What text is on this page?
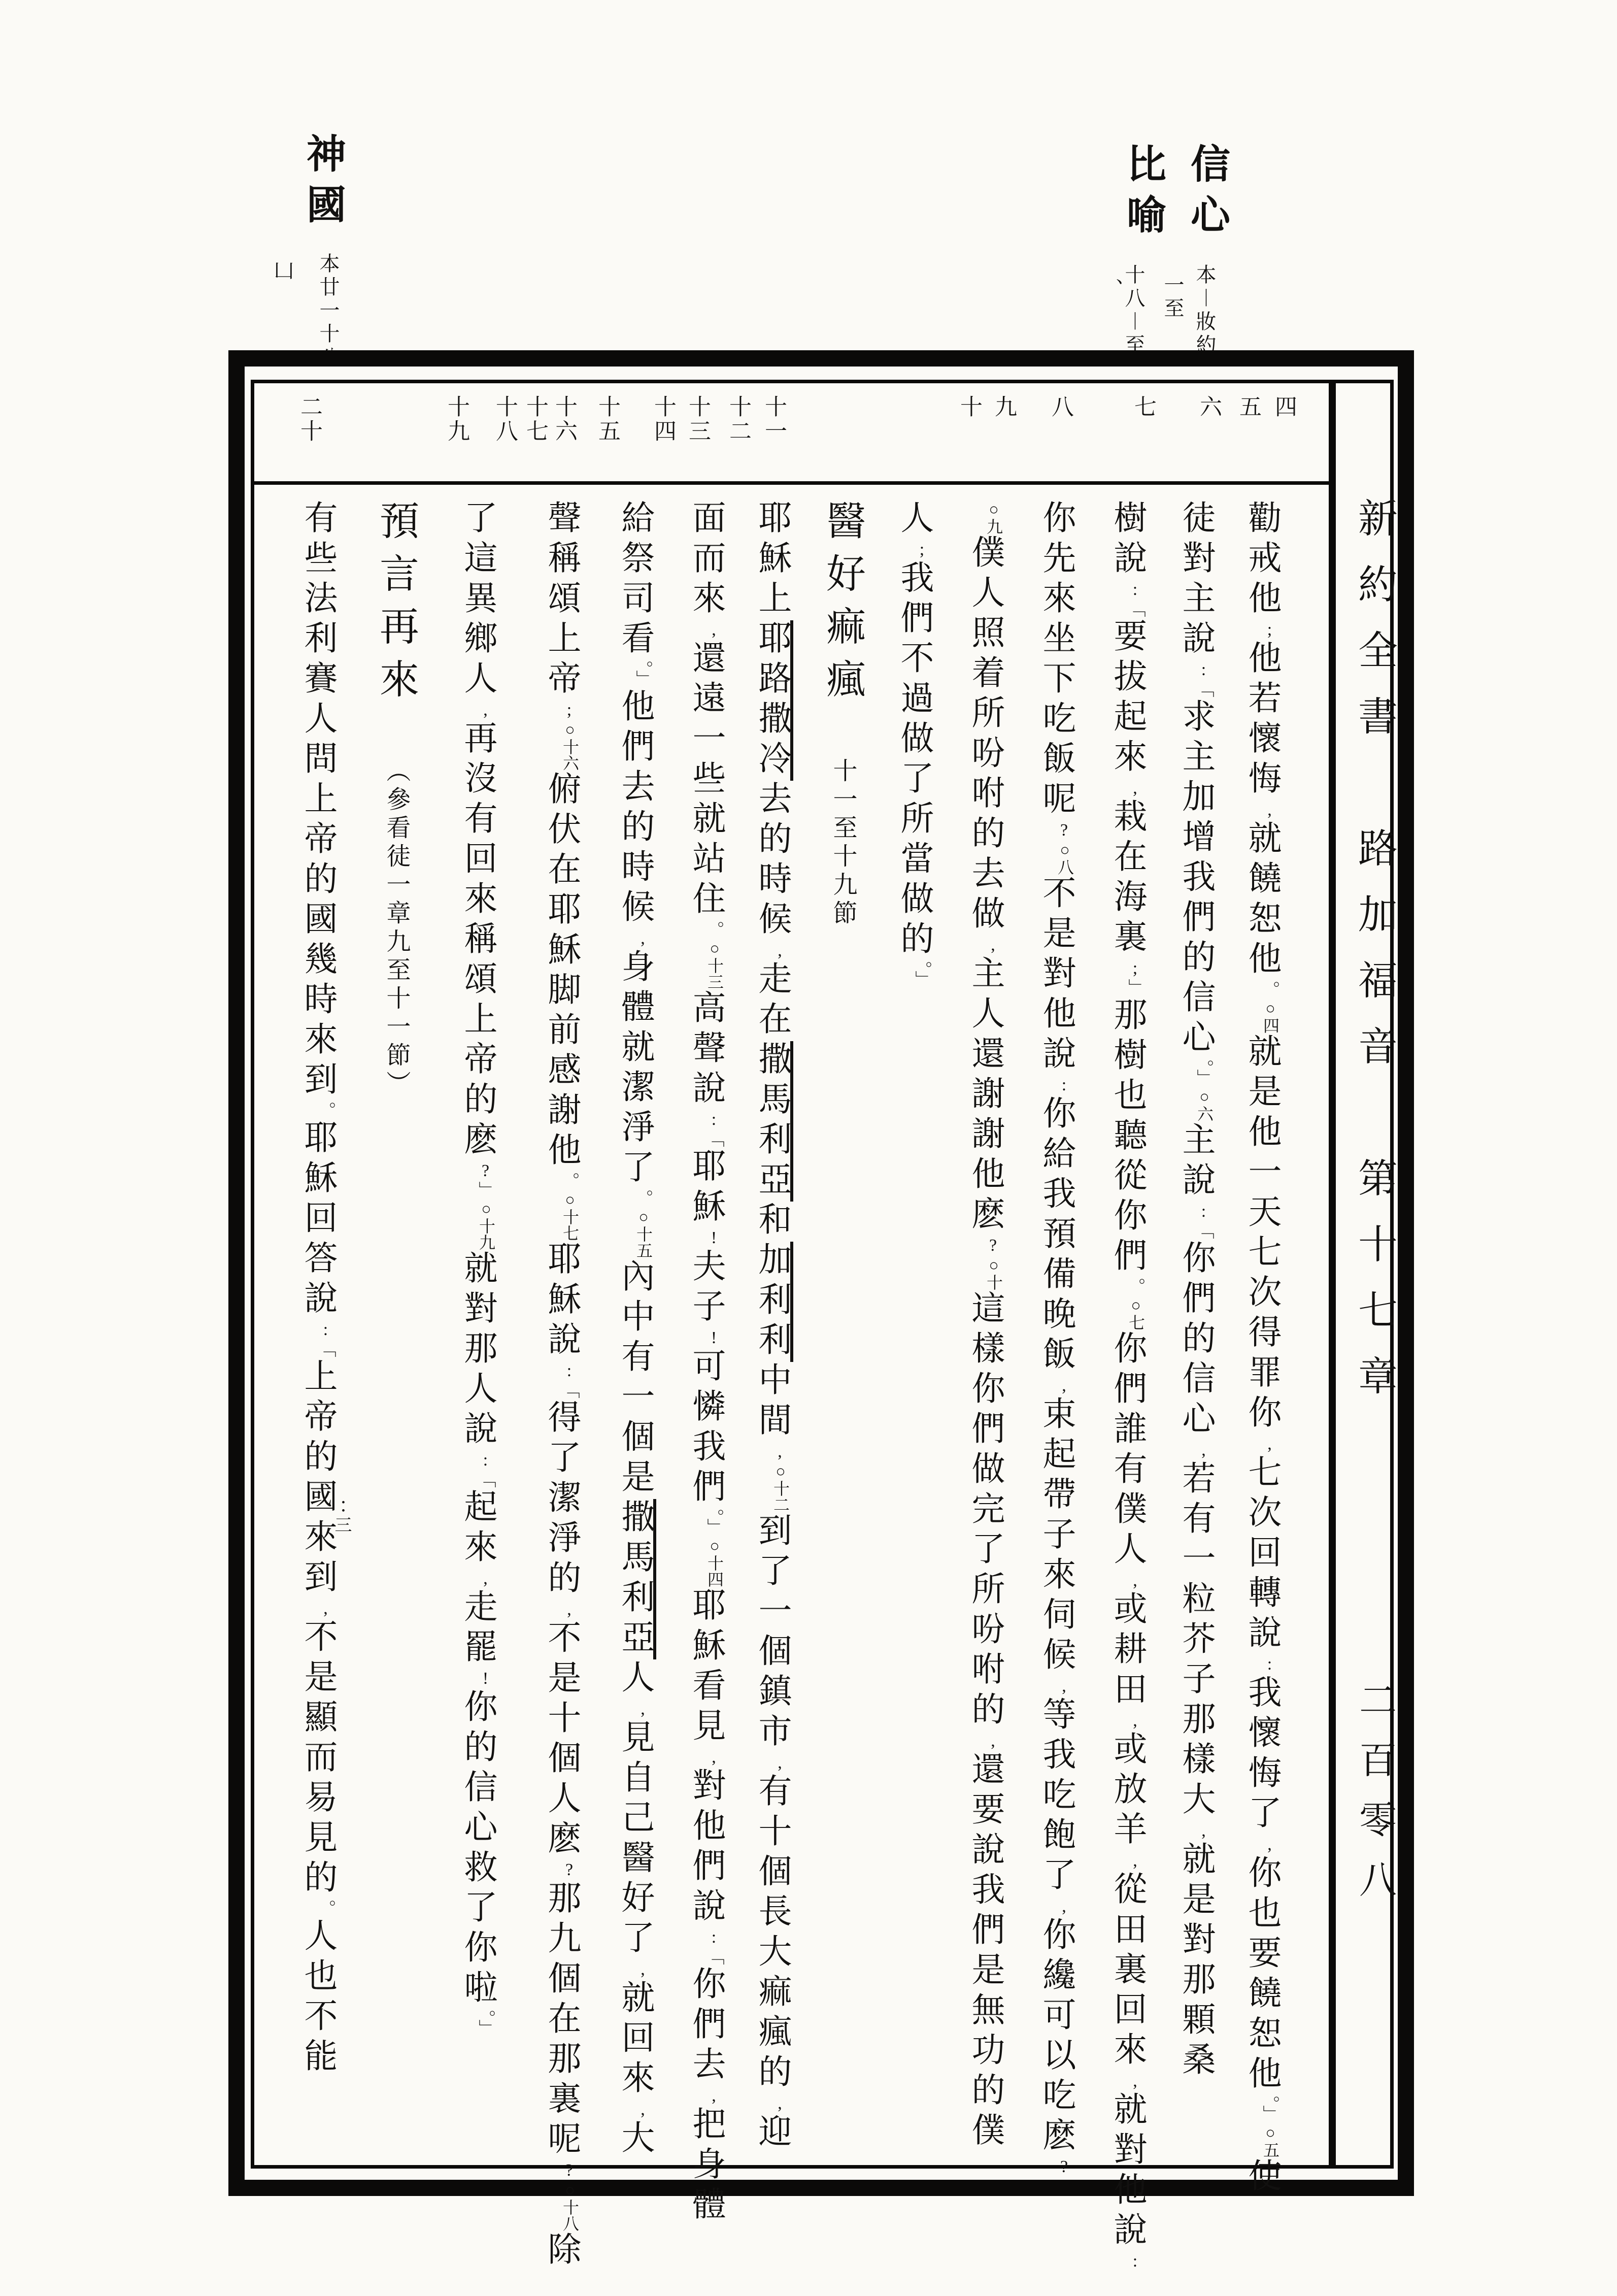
神國
凵 本廿一十八
信心
本︱妝約
一至
比喻
十八︱至
、
四
五
六
七
八
九
十
十一
十二
十三
十四
十五
十六
十七
十八
十九
二十
新約全書　路加福音　第十七章
二百零八
勸戒他;他若懷悔,就饒恕他。○四就是他一天七次得罪你,七次回轉說:我懷悔了,你也要饒恕他。」○五使
徒對主說:「求主加增我們的信心。」○六主說:「你們的信心,若有一粒芥子那樣大,就是對那顆桑
樹說:「要拔起來,栽在海裏;」那樹也聽從你們。○七你們誰有僕人,或耕田,或放羊,從田裏回來,就對他說:
你先來坐下吃飯呢?○八不是對他說:你給我預備晚飯,束起帶子來伺候,等我吃飽了,你纔可以吃麽?
○九僕人照着所吩咐的去做,主人還謝謝他麽?○十這樣你們做完了所吩咐的,還要說我們是無功的僕
人;我們不過做了所當做的。」
醫好痲瘋十一至十九節
耶穌上耶路撒冷去的時候,走在撒馬利亞和加利利中間,○十二到了一個鎮市,有十個長大痲瘋的,迎
面而來,還遠一些就站住。○十三高聲說:「耶穌!夫子!可憐我們。」○十四耶穌看見,對他們說:「你們去,把身體
給祭司看。」他們去的時候,身體就潔淨了。○十五內中有一個是撒馬利亞人,見自己醫好了,就回來,大
聲稱頌上帝;○十六俯伏在耶穌脚前感謝他。○十七耶穌說:「得了潔淨的,不是十個人麽?那九個在那裏呢?○十八除
了這異鄉人,再沒有回來稱頌上帝的麽?」○十九就對那人說:「起來,走罷!你的信心救了你啦。」
預言再來︵參看徒一章九至十一節︶
有些法利賽人問上帝的國幾時來到。耶穌回答說:「上帝的國來到,不是顯而易見的。人也不能
∶三
